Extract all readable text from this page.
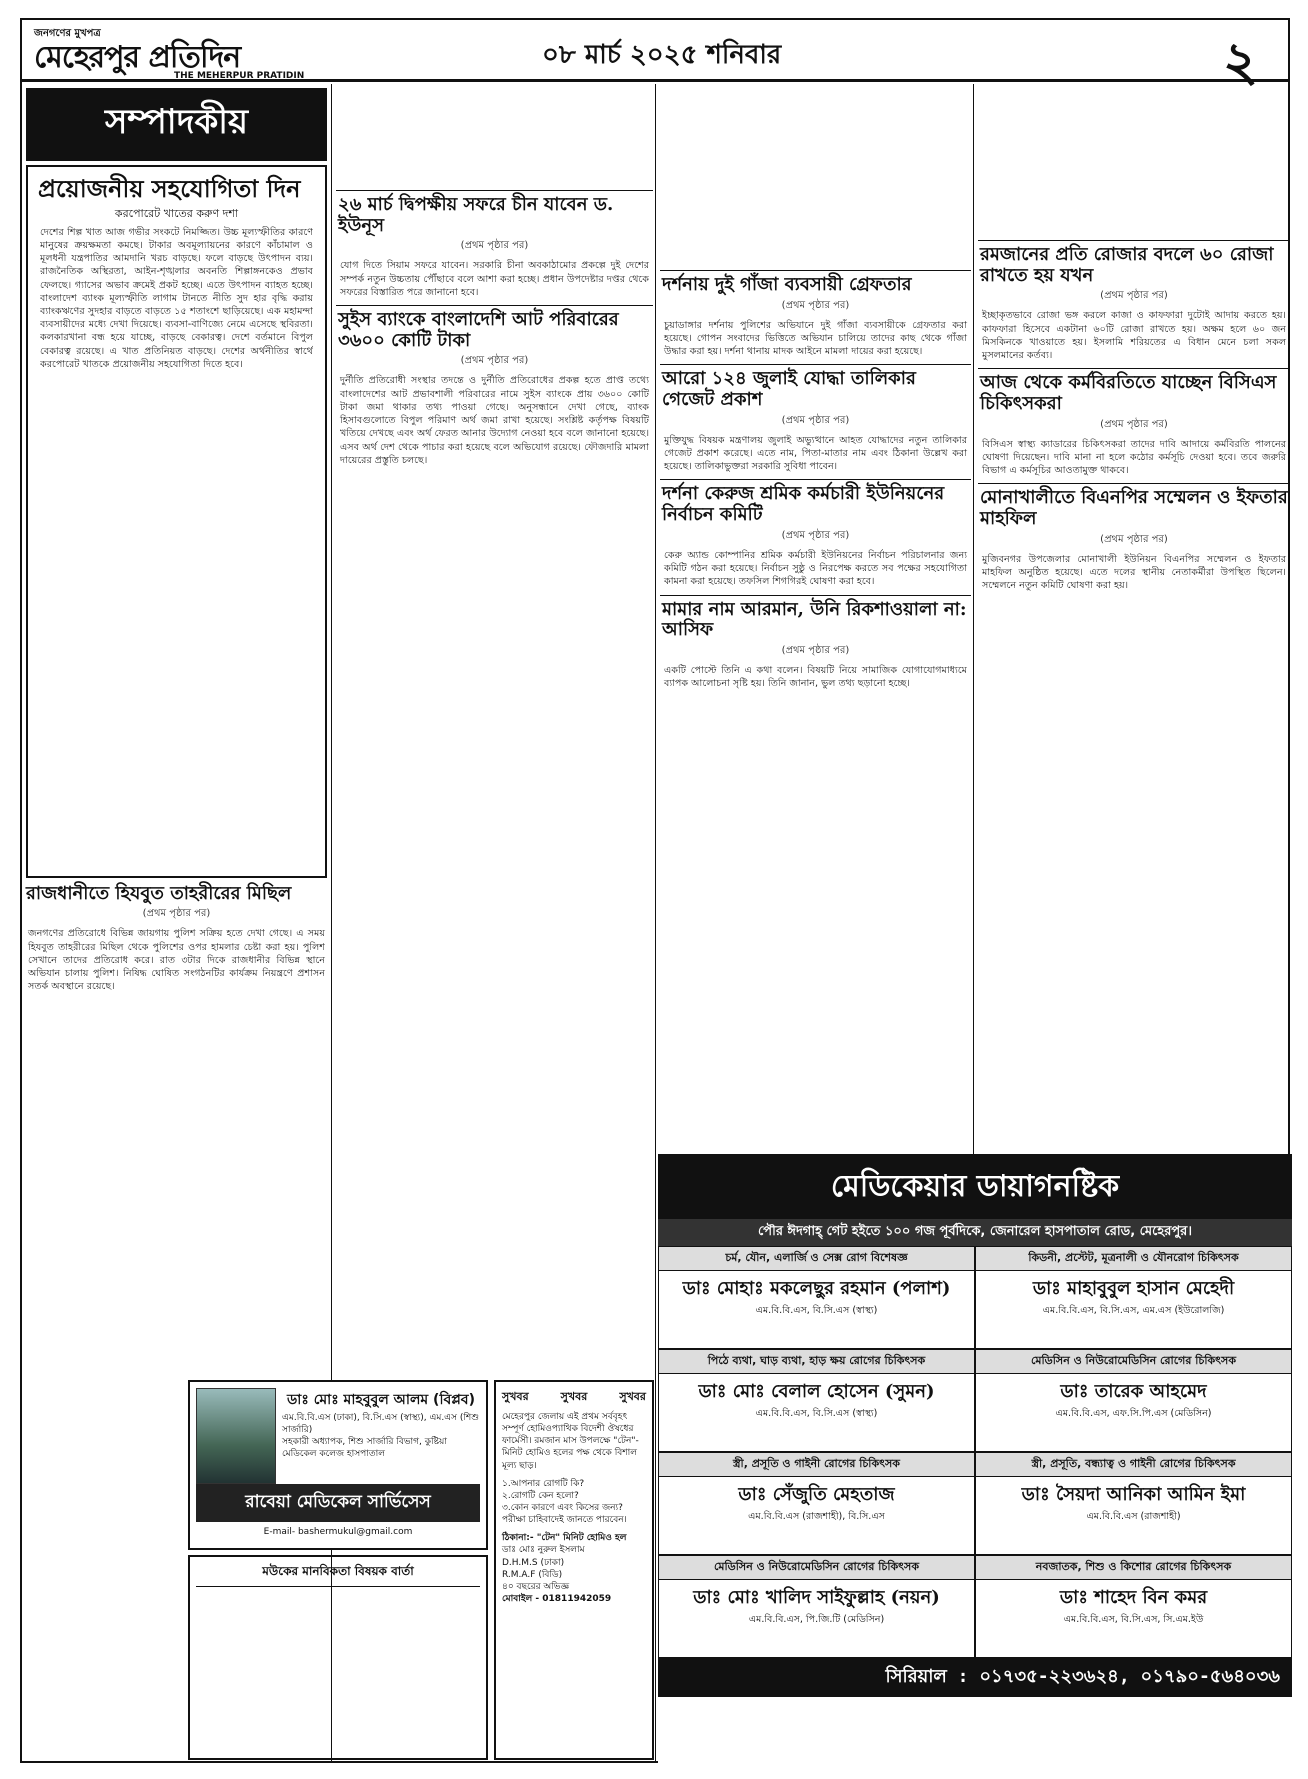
জনগণের মুখপত্র
মেহেরপুর প্রতিদিন
THE MEHERPUR PRATIDIN
০৮ মার্চ ২০২৫ শনিবার	২
সম্পাদকীয়
প্রয়োজনীয় সহযোগিতা দিন
করপোরেট খাতের করুণ দশা
দেশের শিল্প খাত আজ গভীর সংকটে নিমজ্জিত। উচ্চ মূল্যস্ফীতির কারণে মানুষের ক্রয়ক্ষমতা কমছে। টাকার অবমূল্যায়নের কারণে কাঁচামাল ও মূলধনী যন্ত্রপাতির আমদানি খরচ বাড়ছে। ফলে বাড়ছে উৎপাদন ব্যয়। রাজনৈতিক অস্থিরতা, আইন-শৃঙ্খলার অবনতি শিল্পাঙ্গনকেও প্রভাব ফেলছে। গ্যাসের অভাব ক্রমেই প্রকট হচ্ছে। এতে উৎপাদন ব্যাহত হচ্ছে। বাংলাদেশ ব্যাংক মূল্যস্ফীতি লাগাম টানতে নীতি সুদ হার বৃদ্ধি করায় ব্যাংকঋণের সুদহার বাড়তে বাড়তে ১৫ শতাংশে ছাড়িয়েছে। এক মহামন্দা ব্যবসায়ীদের মধ্যে দেখা দিয়েছে। ব্যবসা-বাণিজ্যে নেমে এসেছে স্থবিরতা। কলকারখানা বন্ধ হয়ে যাচ্ছে, বাড়ছে বেকারত্ব। দেশে বর্তমানে বিপুল বেকারত্ব রয়েছে। এ খাত প্রতিনিয়ত বাড়ছে। দেশের অর্থনীতির স্বার্থে করপোরেট খাতকে প্রয়োজনীয় সহযোগিতা দিতে হবে।
রাজধানীতে হিযবুত তাহরীরের মিছিল
(প্রথম পৃষ্ঠার পর)
জনগণের প্রতিরোধে বিভিন্ন জায়গায় পুলিশ সক্রিয় হতে দেখা গেছে। এ সময় হিযবুত তাহরীরের মিছিল থেকে পুলিশের ওপর হামলার চেষ্টা করা হয়। পুলিশ সেখানে তাদের প্রতিরোধ করে। রাত ৩টার দিকে রাজধানীর বিভিন্ন স্থানে অভিযান চালায় পুলিশ। নিষিদ্ধ ঘোষিত সংগঠনটির কার্যক্রম নিয়ন্ত্রণে প্রশাসন সতর্ক অবস্থানে রয়েছে।
২৬ মার্চ দ্বিপক্ষীয় সফরে চীন যাবেন ড. ইউনূস
(প্রথম পৃষ্ঠার পর)
যোগ দিতে সিয়াম সফরে যাবেন। সরকারি চীনা অবকাঠামোর প্রকল্পে দুই দেশের সম্পর্ক নতুন উচ্চতায় পৌঁছাবে বলে আশা করা হচ্ছে। প্রধান উপদেষ্টার দপ্তর থেকে সফরের বিস্তারিত পরে জানানো হবে।
সুইস ব্যাংকে বাংলাদেশি আট পরিবারের ৩৬০০ কোটি টাকা
(প্রথম পৃষ্ঠার পর)
দুর্নীতি প্রতিরোধী সংস্থার তদন্তে ও দুর্নীতি প্রতিরোধের প্রকল্প হতে প্রাপ্ত তথ্যে বাংলাদেশের আট প্রভাবশালী পরিবারের নামে সুইস ব্যাংকে প্রায় ৩৬০০ কোটি টাকা জমা থাকার তথ্য পাওয়া গেছে। অনুসন্ধানে দেখা গেছে, ব্যাংক হিসাবগুলোতে বিপুল পরিমাণ অর্থ জমা রাখা হয়েছে। সংশ্লিষ্ট কর্তৃপক্ষ বিষয়টি খতিয়ে দেখছে এবং অর্থ ফেরত আনার উদ্যোগ নেওয়া হবে বলে জানানো হয়েছে। এসব অর্থ দেশ থেকে পাচার করা হয়েছে বলে অভিযোগ রয়েছে। ফৌজদারি মামলা দায়েরের প্রস্তুতি চলছে।
দর্শনায় দুই গাঁজা ব্যবসায়ী গ্রেফতার
(প্রথম পৃষ্ঠার পর)
চুয়াডাঙ্গার দর্শনায় পুলিশের অভিযানে দুই গাঁজা ব্যবসায়ীকে গ্রেফতার করা হয়েছে। গোপন সংবাদের ভিত্তিতে অভিযান চালিয়ে তাদের কাছ থেকে গাঁজা উদ্ধার করা হয়। দর্শনা থানায় মাদক আইনে মামলা দায়ের করা হয়েছে।
আরো ১২৪ জুলাই যোদ্ধা তালিকার গেজেট প্রকাশ
(প্রথম পৃষ্ঠার পর)
মুক্তিযুদ্ধ বিষয়ক মন্ত্রণালয় জুলাই অভ্যুত্থানে আহত যোদ্ধাদের নতুন তালিকার গেজেট প্রকাশ করেছে। এতে নাম, পিতা-মাতার নাম এবং ঠিকানা উল্লেখ করা হয়েছে। তালিকাভুক্তরা সরকারি সুবিধা পাবেন।
দর্শনা কেরুজ শ্রমিক কর্মচারী ইউনিয়নের নির্বাচন কমিটি
(প্রথম পৃষ্ঠার পর)
কেরু অ্যান্ড কোম্পানির শ্রমিক কর্মচারী ইউনিয়নের নির্বাচন পরিচালনার জন্য কমিটি গঠন করা হয়েছে। নির্বাচন সুষ্ঠু ও নিরপেক্ষ করতে সব পক্ষের সহযোগিতা কামনা করা হয়েছে। তফসিল শিগগিরই ঘোষণা করা হবে।
মামার নাম আরমান, উনি রিকশাওয়ালা না: আসিফ
(প্রথম পৃষ্ঠার পর)
একটি পোস্টে তিনি এ কথা বলেন। বিষয়টি নিয়ে সামাজিক যোগাযোগমাধ্যমে ব্যাপক আলোচনা সৃষ্টি হয়। তিনি জানান, ভুল তথ্য ছড়ানো হচ্ছে।
রমজানের প্রতি রোজার বদলে ৬০ রোজা রাখতে হয় যখন
(প্রথম পৃষ্ঠার পর)
ইচ্ছাকৃতভাবে রোজা ভঙ্গ করলে কাজা ও কাফফারা দুটোই আদায় করতে হয়। কাফফারা হিসেবে একটানা ৬০টি রোজা রাখতে হয়। অক্ষম হলে ৬০ জন মিসকিনকে খাওয়াতে হয়। ইসলামি শরিয়তের এ বিধান মেনে চলা সকল মুসলমানের কর্তব্য।
আজ থেকে কর্মবিরতিতে যাচ্ছেন বিসিএস চিকিৎসকরা
(প্রথম পৃষ্ঠার পর)
বিসিএস স্বাস্থ্য ক্যাডারের চিকিৎসকরা তাদের দাবি আদায়ে কর্মবিরতি পালনের ঘোষণা দিয়েছেন। দাবি মানা না হলে কঠোর কর্মসূচি দেওয়া হবে। তবে জরুরি বিভাগ এ কর্মসূচির আওতামুক্ত থাকবে।
মোনাখালীতে বিএনপির সম্মেলন ও ইফতার মাহফিল
(প্রথম পৃষ্ঠার পর)
মুজিবনগর উপজেলার মোনাখালী ইউনিয়ন বিএনপির সম্মেলন ও ইফতার মাহফিল অনুষ্ঠিত হয়েছে। এতে দলের স্থানীয় নেতাকর্মীরা উপস্থিত ছিলেন। সম্মেলনে নতুন কমিটি ঘোষণা করা হয়।
ডাঃ মোঃ মাহবুবুল আলম (বিপ্লব)
এম.বি.বি.এস (ঢাকা), বি.সি.এস (স্বাস্থ্য), এম.এস (শিশু সার্জারি)
সহকারী অধ্যাপক, শিশু সার্জারি বিভাগ, কুষ্টিয়া মেডিকেল কলেজ হাসপাতাল
রাবেয়া মেডিকেল সার্ভিসেস
E-mail- bashermukul@gmail.com
মউকের মানবিকতা বিষয়ক বার্তা
সুখবর	সুখবর	সুখবর
মেহেরপুর জেলায় এই প্রথম সর্ববৃহৎ সম্পূর্ণ হোমিওপ্যাথিক বিদেশী ঔষধের ফার্মেসী। রমজান মাস উপলক্ষে "টেন"-মিনিট হোমিও হলের পক্ষ থেকে বিশাল মূল্য ছাড়।
১.আপনার রোগটি কি?
২.রোগটি কেন হলো?
৩.কোন কারণে এবং কিসের জন্য?
পরীক্ষা চাহিবাদেই জানতে পারবেন।
ঠিকানা:- "টেন" মিনিট হোমিও হল
ডাঃ মোঃ নুরুল ইসলাম
D.H.M.S (ঢাকা)
R.M.A.F (বিডি)
৪০ বছরের অভিজ্ঞ
মোবাইল - 01811942059
মেডিকেয়ার ডায়াগনষ্টিক
পৌর ঈদগাহ্ গেট হইতে ১০০ গজ পূর্বদিকে, জেনারেল হাসপাতাল রোড, মেহেরপুর।
চর্ম, যৌন, এলার্জি ও সেক্স রোগ বিশেষজ্ঞ
ডাঃ মোহাঃ মকলেছুর রহমান (পলাশ)
এম.বি.বি.এস, বি.সি.এস (স্বাস্থ্য)
কিডনী, প্রস্টেট, মূত্রনালী ও যৌনরোগ চিকিৎসক
ডাঃ মাহাবুবুল হাসান মেহেদী
এম.বি.বি.এস, বি.সি.এস, এম.এস (ইউরোলজি)
পিঠে ব্যথা, ঘাড় ব্যথা, হাড় ক্ষয় রোগের চিকিৎসক
ডাঃ মোঃ বেলাল হোসেন (সুমন)
এম.বি.বি.এস, বি.সি.এস (স্বাস্থ্য)
মেডিসিন ও নিউরোমেডিসিন রোগের চিকিৎসক
ডাঃ তারেক আহমেদ
এম.বি.বি.এস, এফ.সি.পি.এস (মেডিসিন)
স্ত্রী, প্রসূতি ও গাইনী রোগের চিকিৎসক
ডাঃ সেঁজুতি মেহতাজ
এম.বি.বি.এস (রাজশাহী), বি.সি.এস
স্ত্রী, প্রসূতি, বন্ধ্যাত্ব ও গাইনী রোগের চিকিৎসক
ডাঃ সৈয়দা আনিকা আমিন ইমা
এম.বি.বি.এস (রাজশাহী)
মেডিসিন ও নিউরোমেডিসিন রোগের চিকিৎসক
ডাঃ মোঃ খালিদ সাইফুল্লাহ (নয়ন)
এম.বি.বি.এস, পি.জি.টি (মেডিসিন)
নবজাতক, শিশু ও কিশোর রোগের চিকিৎসক
ডাঃ শাহেদ বিন কমর
এম.বি.বি.এস, বি.সি.এস, সি.এম.ইউ
সিরিয়াল : ০১৭৩৫-২২৩৬২৪, ০১৭৯০-৫৬৪০৩৬
